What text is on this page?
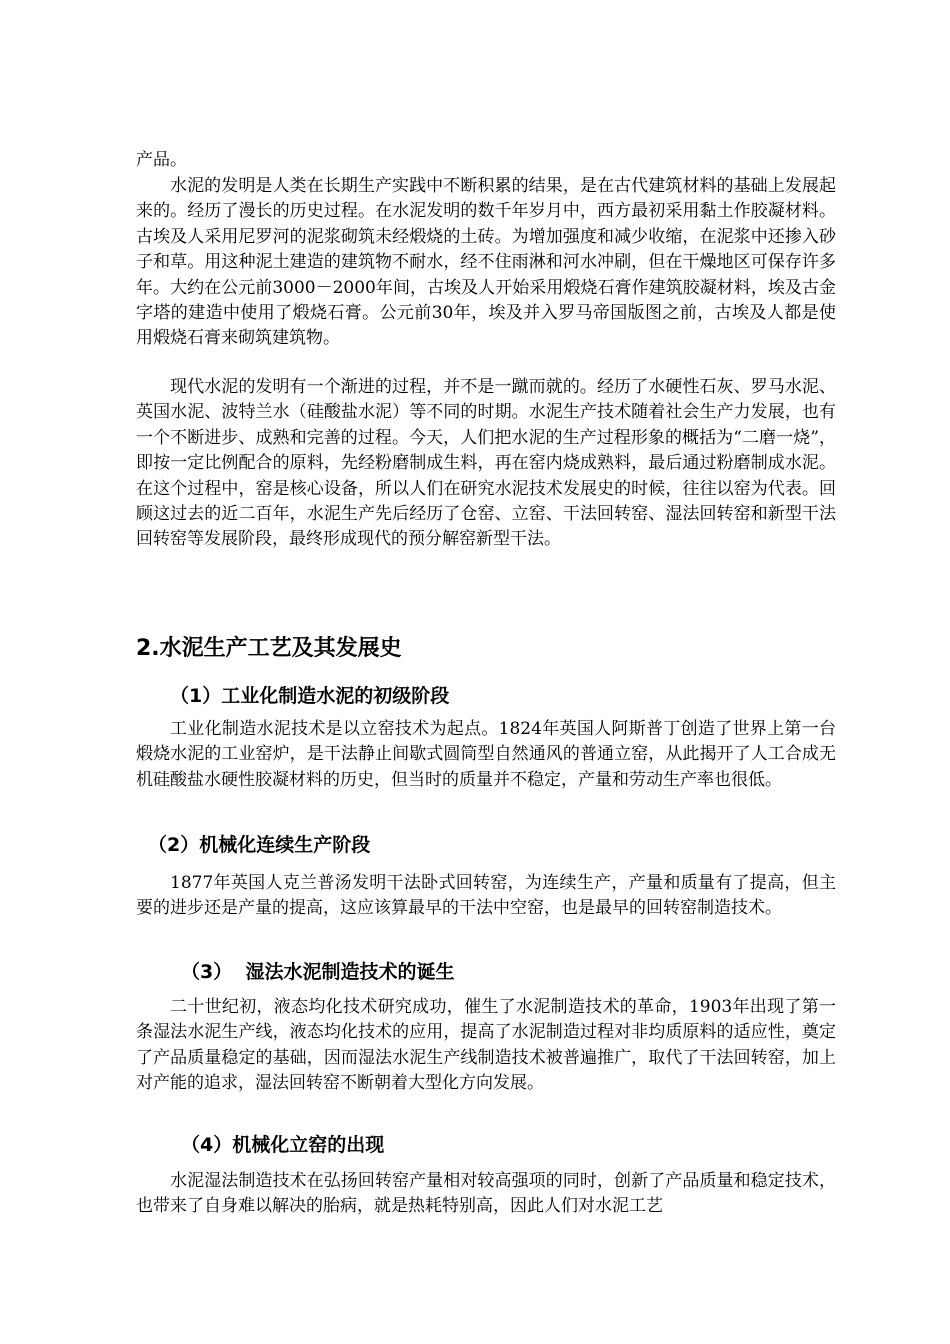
产品。

水泥的发明是人类在长期生产实践中不断积累的结果，是在古代建筑材料的基础上发展起来的。经历了漫长的历史过程。在水泥发明的数千年岁月中，西方最初采用黏土作胶凝材料。古埃及人采用尼罗河的泥浆砌筑未经煅烧的土砖。为增加强度和减少收缩，在泥浆中还掺入砂子和草。用这种泥土建造的建筑物不耐水，经不住雨淋和河水冲刷，但在干燥地区可保存许多年。大约在公元前3000－2000年间，古埃及人开始采用煅烧石膏作建筑胶凝材料，埃及古金字塔的建造中使用了煅烧石膏。公元前30年，埃及并入罗马帝国版图之前，古埃及人都是使用煅烧石膏来砌筑建筑物。

现代水泥的发明有一个渐进的过程，并不是一蹴而就的。经历了水硬性石灰、罗马水泥、英国水泥、波特兰水（硅酸盐水泥）等不同的时期。水泥生产技术随着社会生产力发展，也有一个不断进步、成熟和完善的过程。今天，人们把水泥的生产过程形象的概括为“二磨一烧”，即按一定比例配合的原料，先经粉磨制成生料，再在窑内烧成熟料，最后通过粉磨制成水泥。在这个过程中，窑是核心设备，所以人们在研究水泥技术发展史的时候，往往以窑为代表。回顾这过去的近二百年，水泥生产先后经历了仓窑、立窑、干法回转窑、湿法回转窑和新型干法回转窑等发展阶段，最终形成现代的预分解窑新型干法。

2.水泥生产工艺及其发展史
（1）工业化制造水泥的初级阶段

工业化制造水泥技术是以立窑技术为起点。1824年英国人阿斯普丁创造了世界上第一台煅烧水泥的工业窑炉，是干法静止间歇式圆筒型自然通风的普通立窑，从此揭开了人工合成无机硅酸盐水硬性胶凝材料的历史，但当时的质量并不稳定，产量和劳动生产率也很低。

（2）机械化连续生产阶段

1877年英国人克兰普汤发明干法卧式回转窑，为连续生产，产量和质量有了提高，但主要的进步还是产量的提高，这应该算最早的干法中空窑，也是最早的回转窑制造技术。

（3）  湿法水泥制造技术的诞生

二十世纪初，液态均化技术研究成功，催生了水泥制造技术的革命，1903年出现了第一条湿法水泥生产线，液态均化技术的应用，提高了水泥制造过程对非均质原料的适应性，奠定了产品质量稳定的基础，因而湿法水泥生产线制造技术被普遍推广，取代了干法回转窑，加上对产能的追求，湿法回转窑不断朝着大型化方向发展。

（4）机械化立窑的出现

水泥湿法制造技术在弘扬回转窑产量相对较高强项的同时，创新了产品质量和稳定技术，也带来了自身难以解决的胎病，就是热耗特别高，因此人们对水泥工艺
